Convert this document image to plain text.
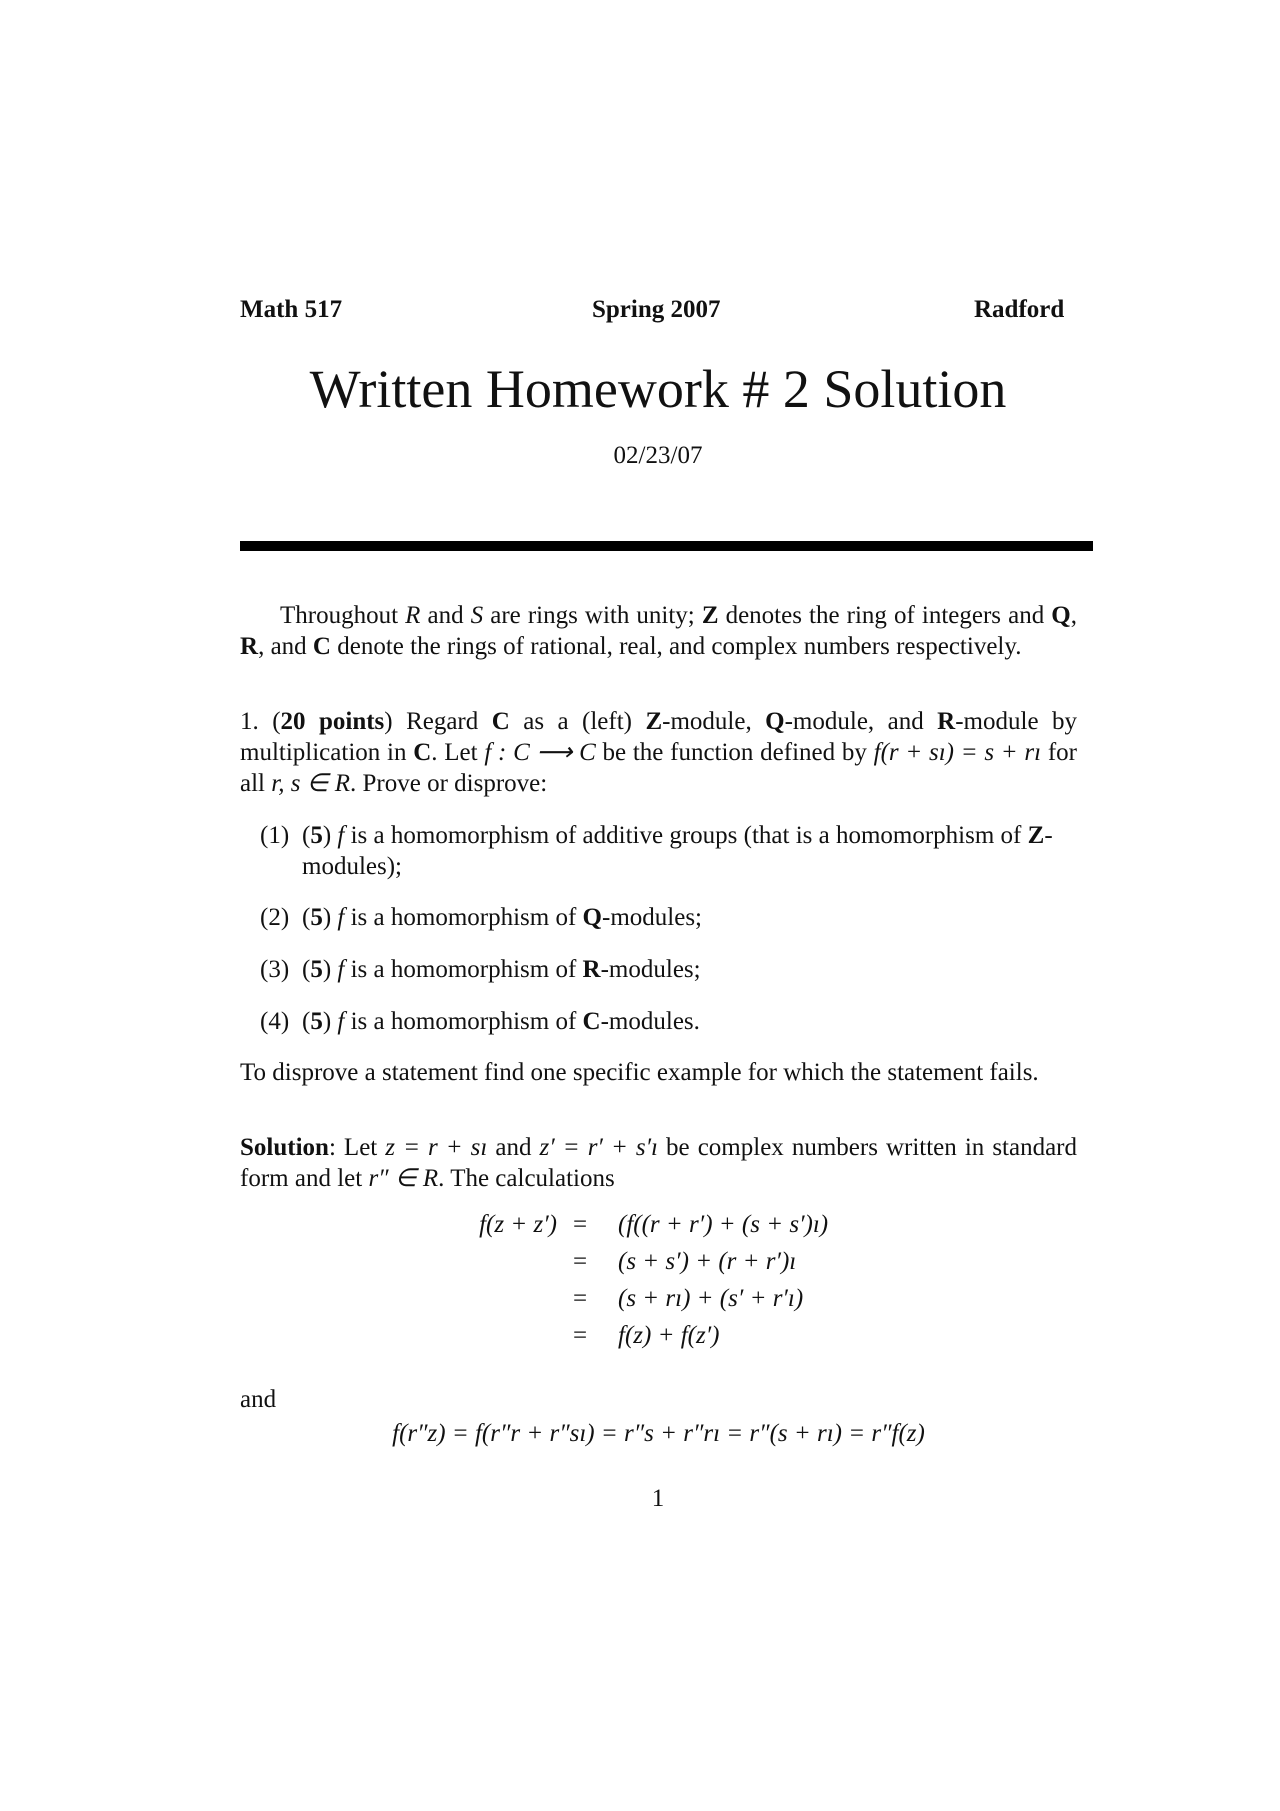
Math 517	Spring 2007	Radford
Written Homework # 2 Solution
02/23/07
Throughout R and S are rings with unity; Z denotes the ring of integers and Q, R, and C denote the rings of rational, real, and complex numbers respectively.
1. (20 points) Regard C as a (left) Z-module, Q-module, and R-module by multiplication in C. Let f : C ⟶ C be the function defined by f(r + sı) = s + rı for all r, s ∈ R. Prove or disprove:
(1) (5) f is a homomorphism of additive groups (that is a homomorphism of Z-modules);
(2) (5) f is a homomorphism of Q-modules;
(3) (5) f is a homomorphism of R-modules;
(4) (5) f is a homomorphism of C-modules.
To disprove a statement find one specific example for which the statement fails.
Solution: Let z = r + sı and z′ = r′ + s′ı be complex numbers written in standard form and let r″ ∈ R. The calculations
f(z + z′) = (f((r + r′) + (s + s′)ı)
= (s + s′) + (r + r′)ı
= (s + rı) + (s′ + r′ı)
= f(z) + f(z′)
and
f(r″z) = f(r″r + r″sı) = r″s + r″rı = r″(s + rı) = r″f(z)
1
